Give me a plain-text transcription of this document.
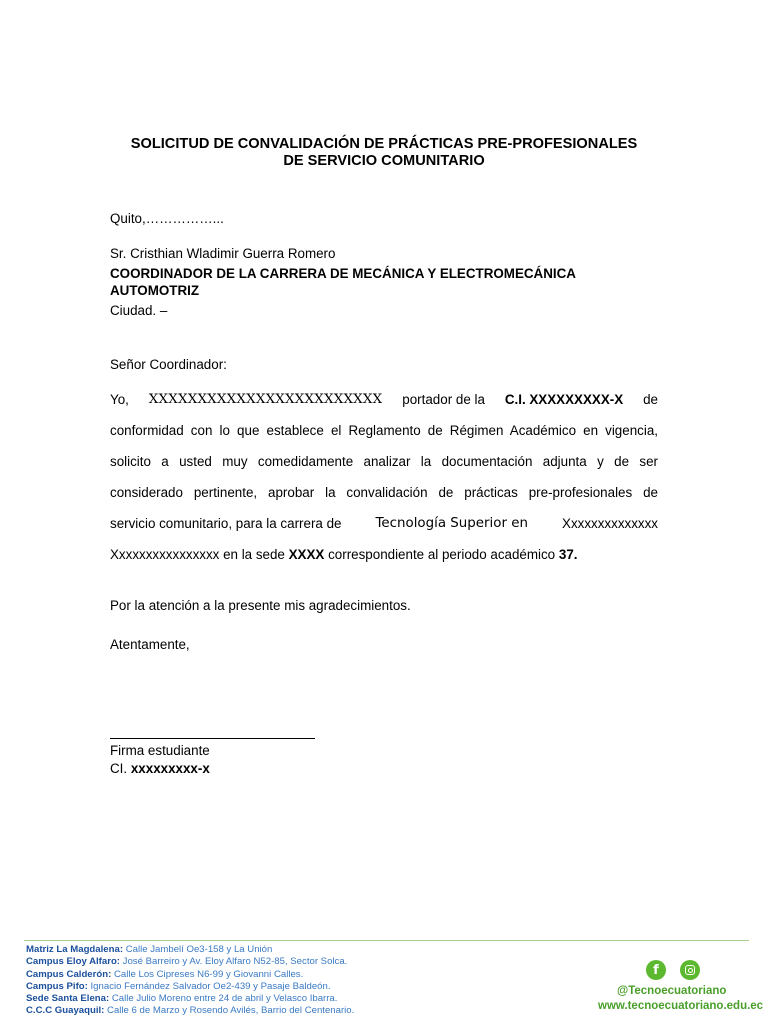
SOLICITUD DE CONVALIDACIÓN DE PRÁCTICAS PRE-PROFESIONALES
DE SERVICIO COMUNITARIO
Quito,……………...
Sr. Cristhian Wladimir Guerra Romero
COORDINADOR DE LA CARRERA DE MECÁNICA Y ELECTROMECÁNICA
AUTOMOTRIZ
Ciudad. –
Señor Coordinador:
Yo, XXXXXXXXXXXXXXXXXXXXXXXX portador de la C.I. XXXXXXXXX-X de
conformidad con lo que establece el Reglamento de Régimen Académico en vigencia,
solicito a usted muy comedidamente analizar la documentación adjunta y de ser
considerado pertinente, aprobar la convalidación de prácticas pre-profesionales de
servicio comunitario, para la carrera de	Tecnología Superior en	Xxxxxxxxxxxxxx
Xxxxxxxxxxxxxxxx en la sede
XXXX
correspondiente al periodo académico
37.
Por la atención a la presente mis agradecimientos.
Atentamente,
Firma estudiante
CI. xxxxxxxxx-x
Matriz La Magdalena: Calle Jambelí Oe3-158 y La Unión
Campus Eloy Alfaro: José Barreiro y Av. Eloy Alfaro N52-85, Sector Solca.
Campus Calderón: Calle Los Cipreses N6-99 y Giovanni Calles.
Campus Pifo: Ignacio Fernández Salvador Oe2-439 y Pasaje Baldeón.
Sede Santa Elena: Calle Julio Moreno entre 24 de abril y Velasco Ibarra.
C.C.C Guayaquil: Calle 6 de Marzo y Rosendo Avilés, Barrio del Centenario.
f
@Tecnoecuatoriano
www.tecnoecuatoriano.edu.ec
